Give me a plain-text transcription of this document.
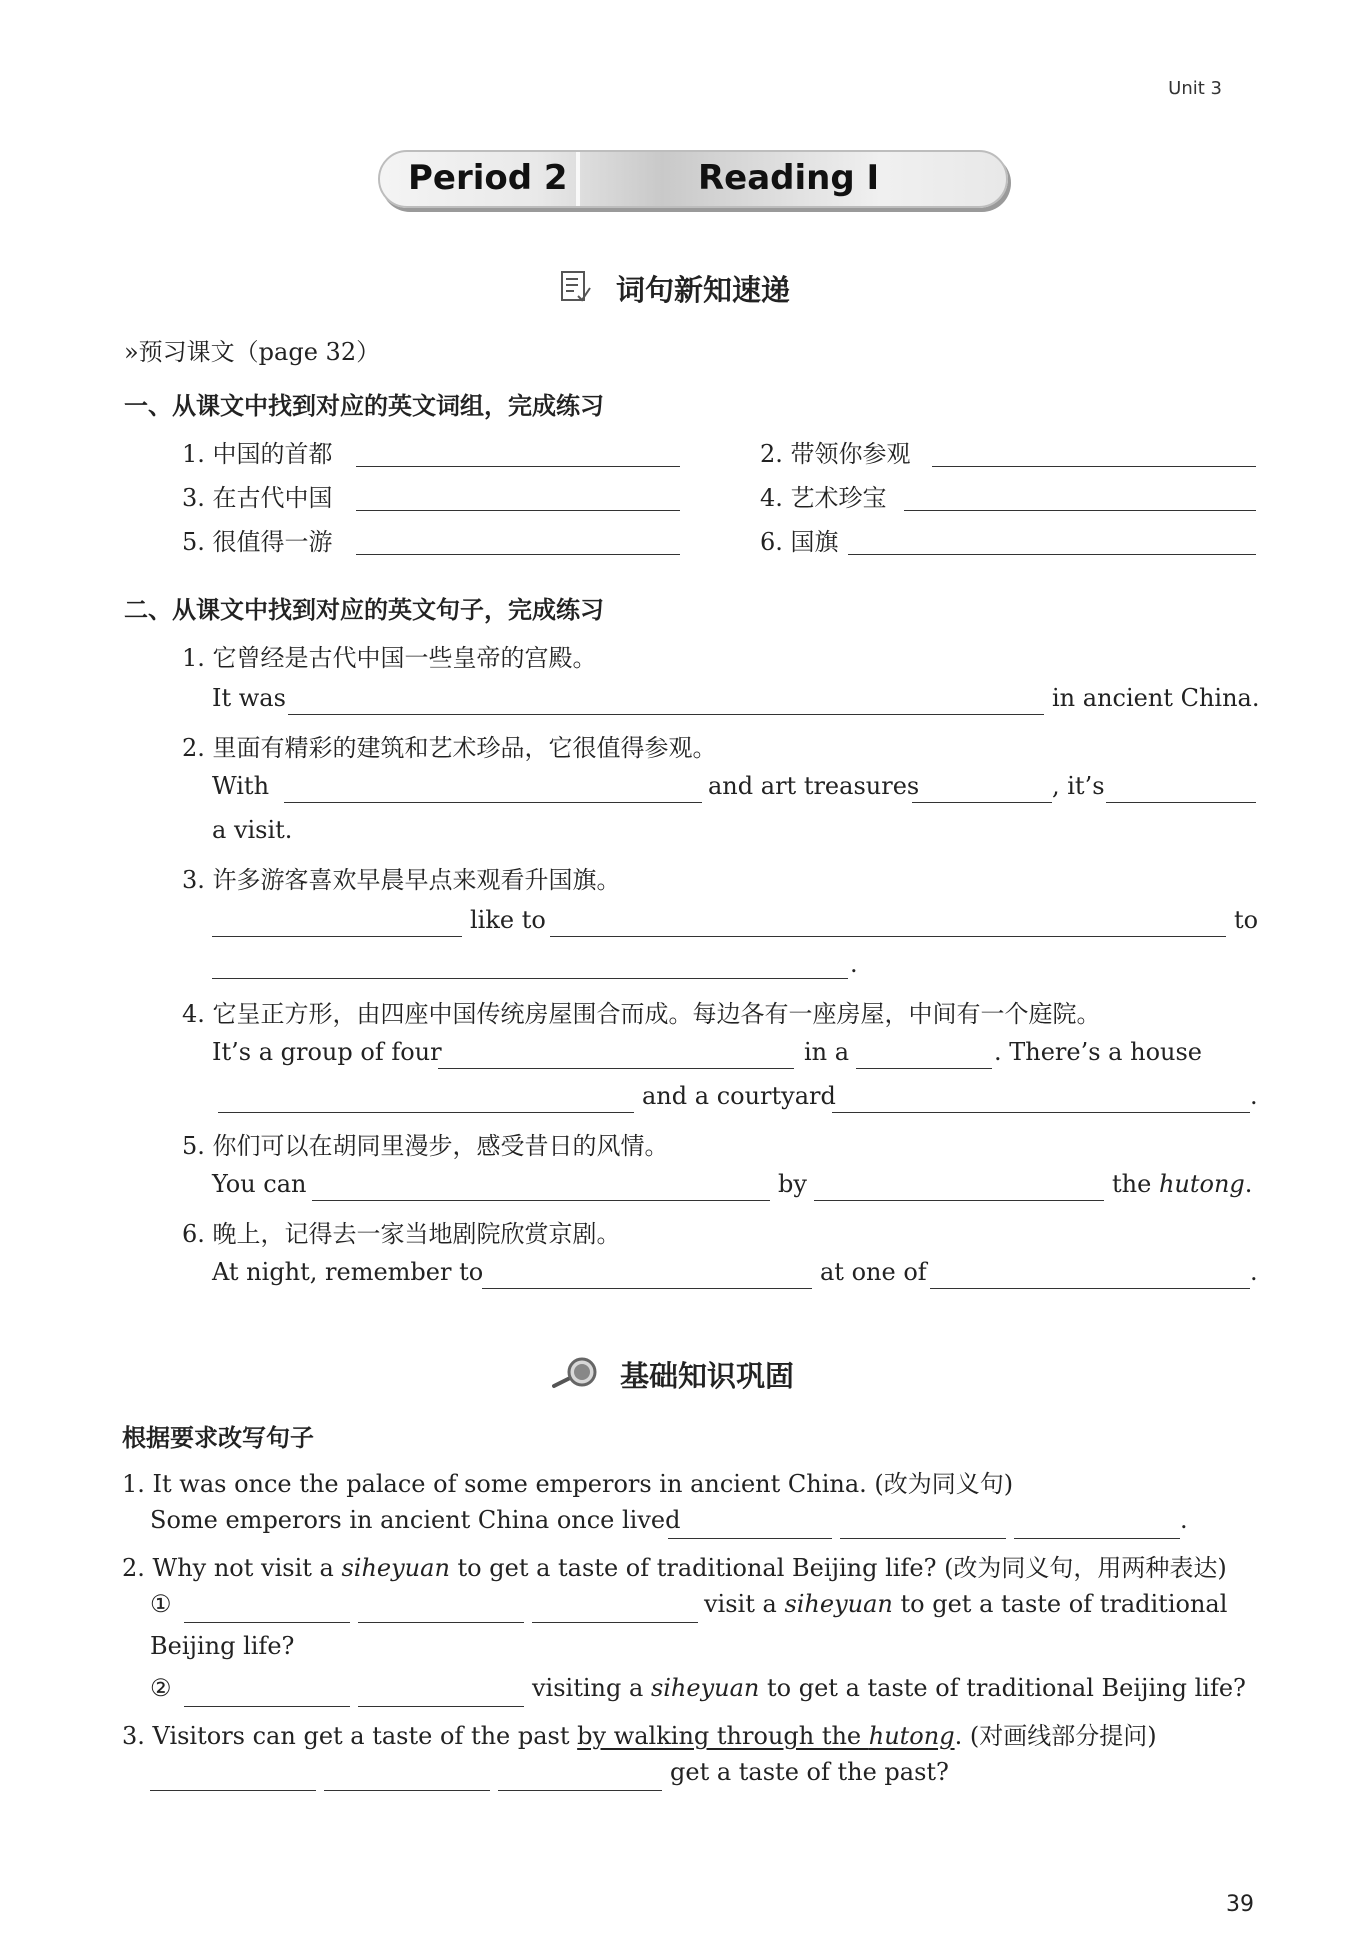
Unit 3
Period 2	Reading I
词句新知速递
»预习课文（page 32）
一、从课文中找到对应的英文词组，完成练习
1. 中国的首都	2. 带领你参观
3. 在古代中国	4. 艺术珍宝
5. 很值得一游	6. 国旗
二、从课文中找到对应的英文句子，完成练习
1. 它曾经是古代中国一些皇帝的宫殿。
It was	in ancient China.
2. 里面有精彩的建筑和艺术珍品，它很值得参观。
With	and art treasures	, it’s
a visit.
3. 许多游客喜欢早晨早点来观看升国旗。
like to	to
.
4. 它呈正方形，由四座中国传统房屋围合而成。每边各有一座房屋，中间有一个庭院。
It’s a group of four	in a	. There’s a house
and a courtyard	.
5. 你们可以在胡同里漫步，感受昔日的风情。
You can	by	the hutong.
6. 晚上，记得去一家当地剧院欣赏京剧。
At night, remember to	at one of	.
基础知识巩固
根据要求改写句子
1. It was once the palace of some emperors in ancient China. (改为同义句)
Some emperors in ancient China once lived	.
2. Why not visit a siheyuan to get a taste of traditional Beijing life? (改为同义句，用两种表达)
①	visit a siheyuan to get a taste of traditional
Beijing life?
②	visiting a siheyuan to get a taste of traditional Beijing life?
3. Visitors can get a taste of the past by walking through the hutong. (对画线部分提问)
get a taste of the past?
39
